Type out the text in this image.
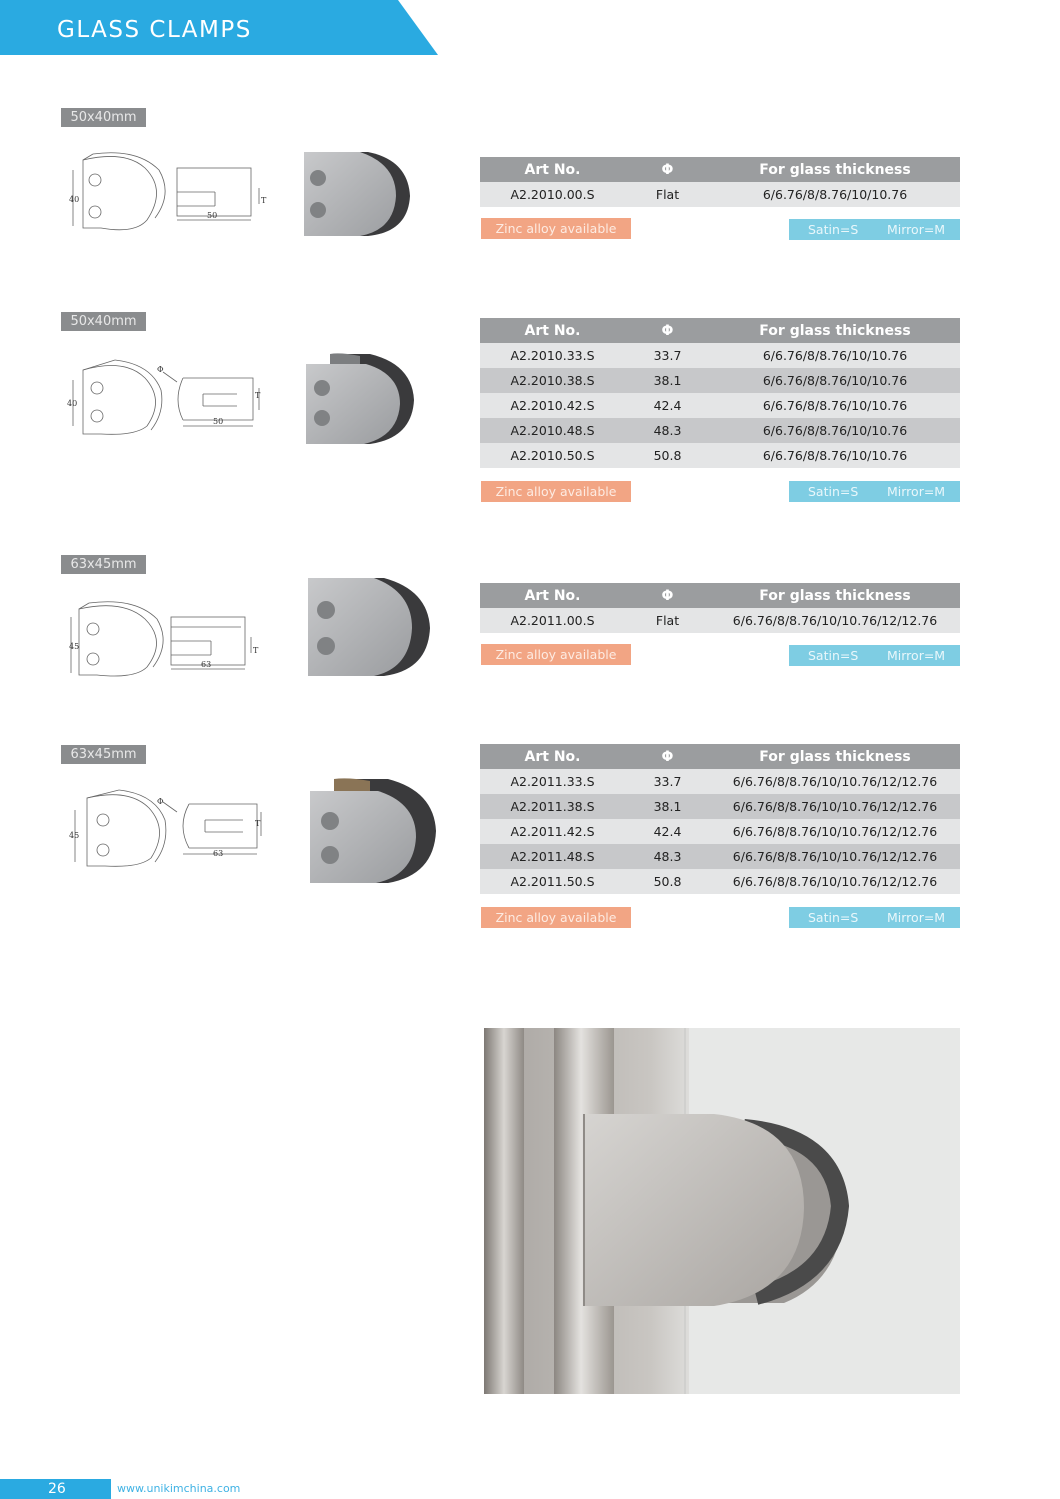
GLASS CLAMPS
50x40mm
40
50
T
Art No.	Φ	For glass thickness
A2.2010.00.S	Flat	6/6.76/8/8.76/10/10.76
Zinc alloy available	Satin=S Mirror=M
50x40mm
40
50
T
Φ
Art No.	Φ	For glass thickness
A2.2010.33.S	33.7	6/6.76/8/8.76/10/10.76
A2.2010.38.S	38.1	6/6.76/8/8.76/10/10.76
A2.2010.42.S	42.4	6/6.76/8/8.76/10/10.76
A2.2010.48.S	48.3	6/6.76/8/8.76/10/10.76
A2.2010.50.S	50.8	6/6.76/8/8.76/10/10.76
Zinc alloy available	Satin=S Mirror=M
63x45mm
45
63
T
Art No.	Φ	For glass thickness
A2.2011.00.S	Flat	6/6.76/8/8.76/10/10.76/12/12.76
Zinc alloy available	Satin=S Mirror=M
63x45mm
45
63
T
Φ
Art No.	Φ	For glass thickness
A2.2011.33.S	33.7	6/6.76/8/8.76/10/10.76/12/12.76
A2.2011.38.S	38.1	6/6.76/8/8.76/10/10.76/12/12.76
A2.2011.42.S	42.4	6/6.76/8/8.76/10/10.76/12/12.76
A2.2011.48.S	48.3	6/6.76/8/8.76/10/10.76/12/12.76
A2.2011.50.S	50.8	6/6.76/8/8.76/10/10.76/12/12.76
Zinc alloy available	Satin=S Mirror=M
26	www.unikimchina.com
